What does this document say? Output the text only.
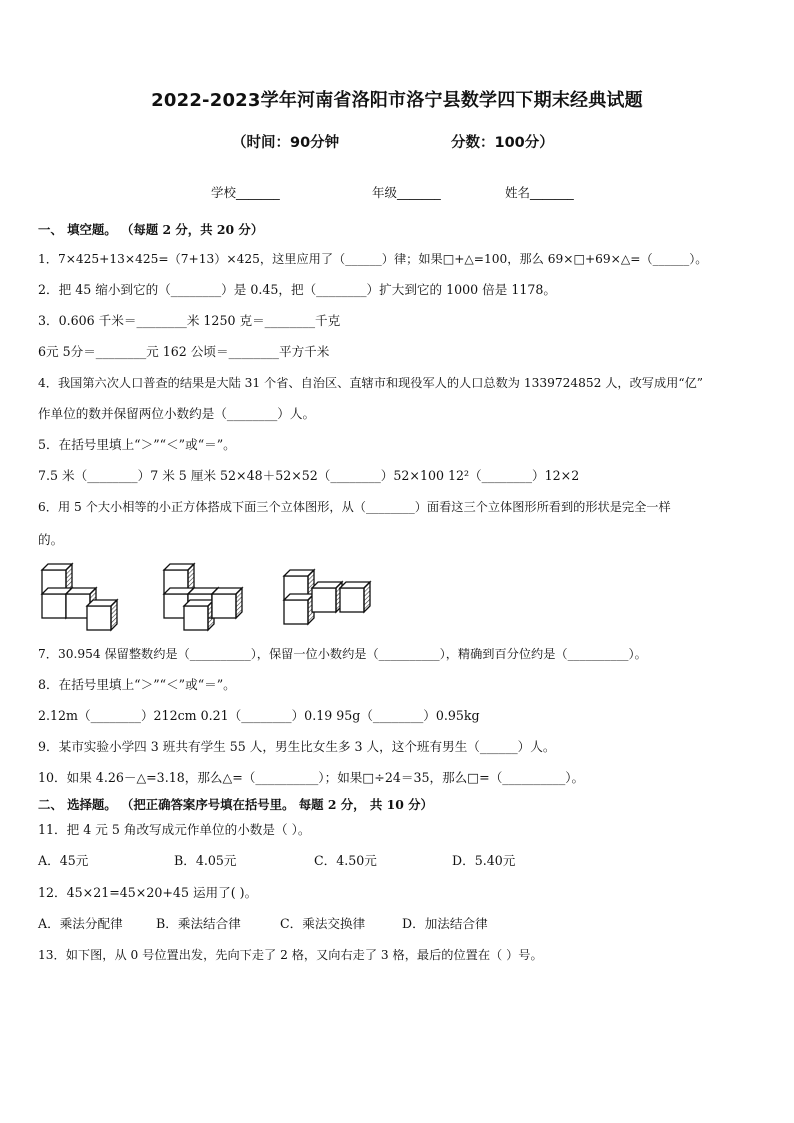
2022-2023学年河南省洛阳市洛宁县数学四下期末经典试题
（时间：90分钟	分数：100分）
学校_______	年级_______	姓名_______
一、 填空题。 （每题 2 分，共 20 分）
1．7×425+13×425=（7+13）×425，这里应用了（______）律；如果□+△=100，那么 69×□+69×△=（______）。
2．把 45 缩小到它的（________）是 0.45，把（________）扩大到它的 1000 倍是 1178。
3．0.606 千米＝________米 1250 克＝________千克
6元 5分＝________元 162 公顷＝________平方千米
4．我国第六次人口普查的结果是大陆 31 个省、自治区、直辖市和现役军人的人口总数为 1339724852 人，改写成用“亿”
作单位的数并保留两位小数约是（________）人。
5．在括号里填上“＞”“＜”或“＝”。
7.5 米（________）7 米 5 厘米 52×48＋52×52（________）52×100 12²（________）12×2
6．用 5 个大小相等的小正方体搭成下面三个立体图形，从（________）面看这三个立体图形所看到的形状是完全一样
的。
7．30.954 保留整数约是（__________），保留一位小数约是（__________），精确到百分位约是（__________）。
8．在括号里填上“＞”“＜”或“＝”。
2.12m（________）212cm 0.21（________）0.19 95g（________）0.95kg
9．某市实验小学四 3 班共有学生 55 人，男生比女生多 3 人，这个班有男生（______）人。
10．如果 4.26－△=3.18，那么△=（__________）；如果□÷24＝35，那么□=（__________）。
二、 选择题。 （把正确答案序号填在括号里。 每题 2 分， 共 10 分）
11．把 4 元 5 角改写成元作单位的小数是（ ）。
A．45元	B．4.05元	C．4.50元	D．5.40元
12．45×21=45×20+45 运用了( )。
A．乘法分配律	B．乘法结合律	C．乘法交换律	D．加法结合律
13．如下图，从 0 号位置出发，先向下走了 2 格，又向右走了 3 格，最后的位置在（ ）号。
